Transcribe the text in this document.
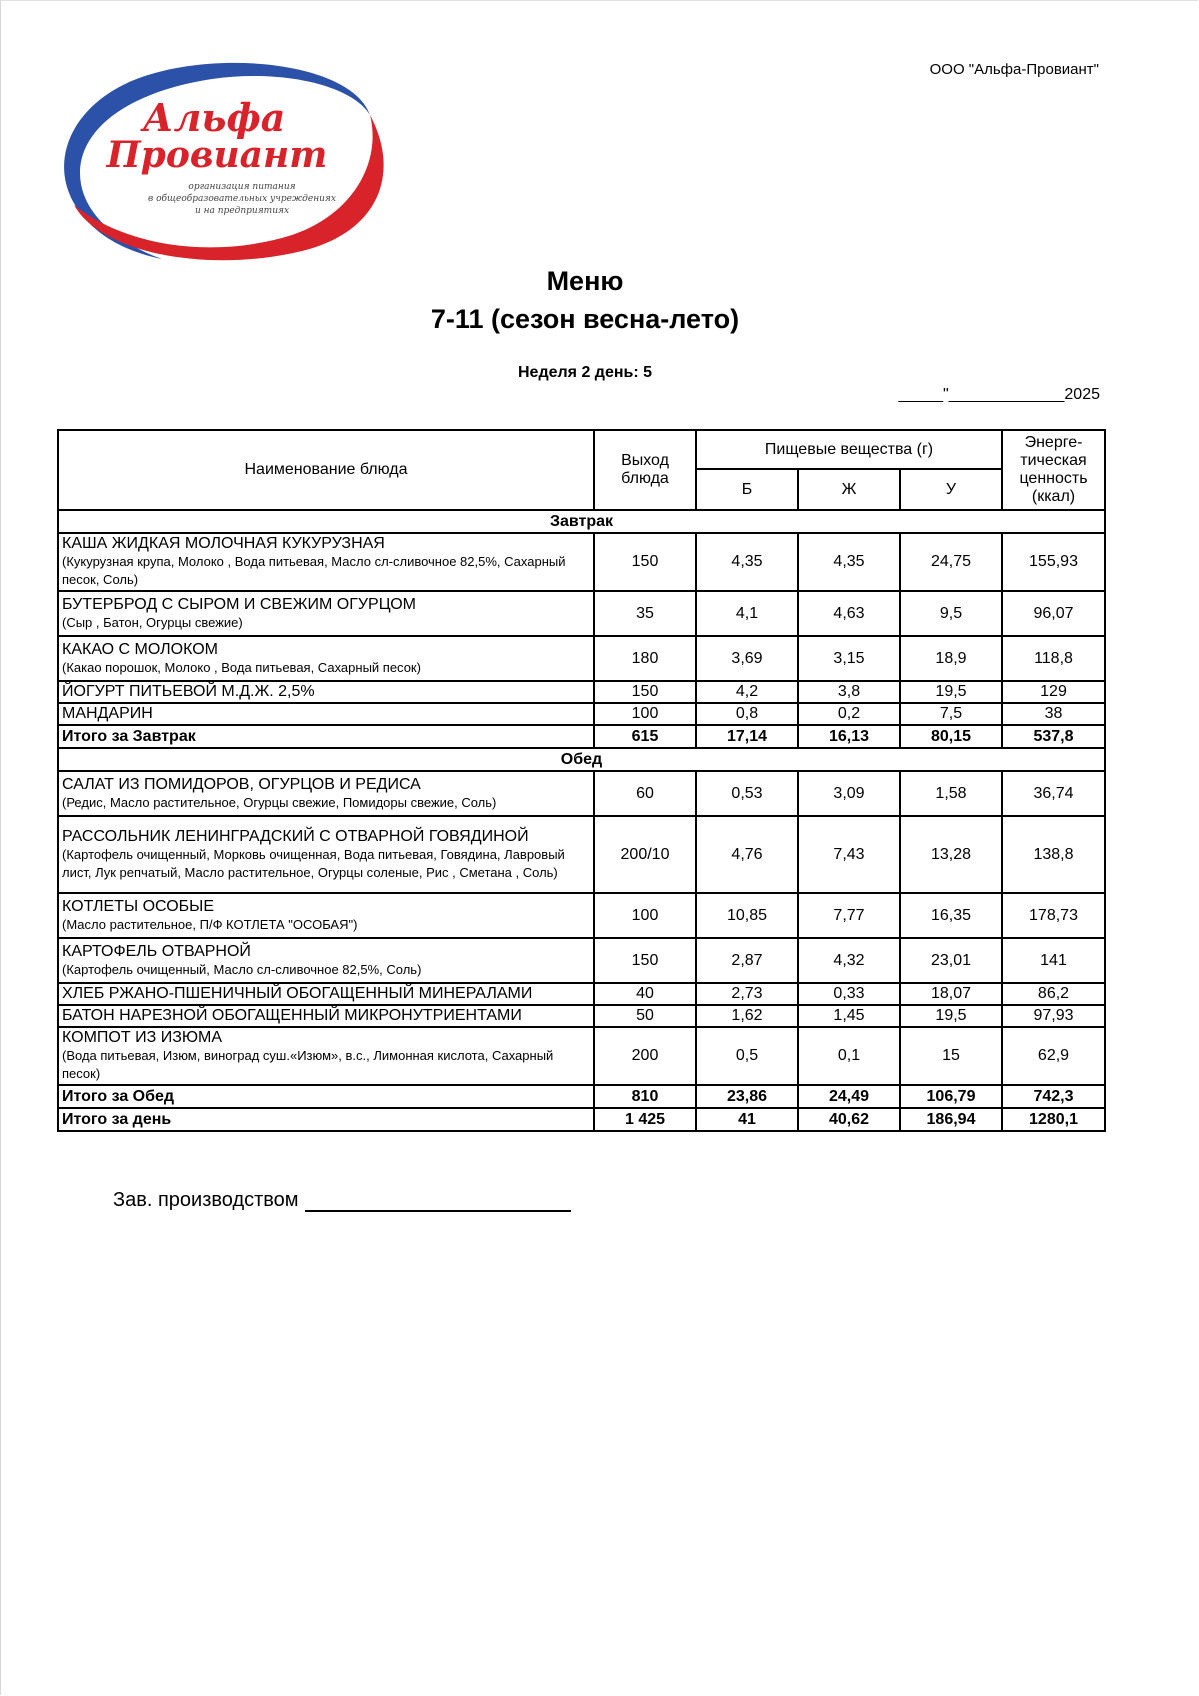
ООО "Альфа-Провиант"
Альфа
Провиант
организация питания
в общеобразовательных учреждениях
и на предприятиях
Меню
7-11 (сезон весна-лето)
Неделя 2 день: 5
_____"_____________2025
Наименование блюда	Выход блюда	Пищевые вещества (г)			Энерге-тическая ценность (ккал)
		Б	Ж	У	
Завтрак					

КАША ЖИДКАЯ МОЛОЧНАЯ КУКУРУЗНАЯ
(Кукурузная крупа, Молоко , Вода питьевая, Масло сл-сливочное 82,5%, Сахарный песок, Соль)	150	4,35	4,35	24,75	155,93

БУТЕРБРОД С СЫРОМ И СВЕЖИМ ОГУРЦОМ
(Сыр , Батон, Огурцы свежие)	35	4,1	4,63	9,5	96,07

КАКАО С МОЛОКОМ
(Какао порошок, Молоко , Вода питьевая, Сахарный песок)	180	3,69	3,15	18,9	118,8
ЙОГУРТ ПИТЬЕВОЙ М.Д.Ж. 2,5%	150	4,2	3,8	19,5	129
МАНДАРИН	100	0,8	0,2	7,5	38
Итого за Завтрак	615	17,14	16,13	80,15	537,8
Обед					

САЛАТ ИЗ ПОМИДОРОВ, ОГУРЦОВ И РЕДИСА
(Редис, Масло растительное, Огурцы свежие, Помидоры свежие, Соль)	60	0,53	3,09	1,58	36,74

РАССОЛЬНИК ЛЕНИНГРАДСКИЙ С ОТВАРНОЙ ГОВЯДИНОЙ
(Картофель очищенный, Морковь очищенная, Вода питьевая, Говядина, Лавровый лист, Лук репчатый, Масло растительное, Огурцы соленые, Рис , Сметана , Соль)	200/10	4,76	7,43	13,28	138,8

КОТЛЕТЫ ОСОБЫЕ
(Масло растительное, П/Ф КОТЛЕТА "ОСОБАЯ")	100	10,85	7,77	16,35	178,73

КАРТОФЕЛЬ ОТВАРНОЙ
(Картофель очищенный, Масло сл-сливочное 82,5%, Соль)	150	2,87	4,32	23,01	141
ХЛЕБ РЖАНО-ПШЕНИЧНЫЙ ОБОГАЩЕННЫЙ МИНЕРАЛАМИ	40	2,73	0,33	18,07	86,2
БАТОН НАРЕЗНОЙ ОБОГАЩЕННЫЙ МИКРОНУТРИЕНТАМИ	50	1,62	1,45	19,5	97,93

КОМПОТ ИЗ ИЗЮМА
(Вода питьевая, Изюм, виноград суш.«Изюм», в.с., Лимонная кислота, Сахарный песок)	200	0,5	0,1	15	62,9
Итого за Обед	810	23,86	24,49	106,79	742,3
Итого за день	1 425	41	40,62	186,94	1280,1
Зав. производством
